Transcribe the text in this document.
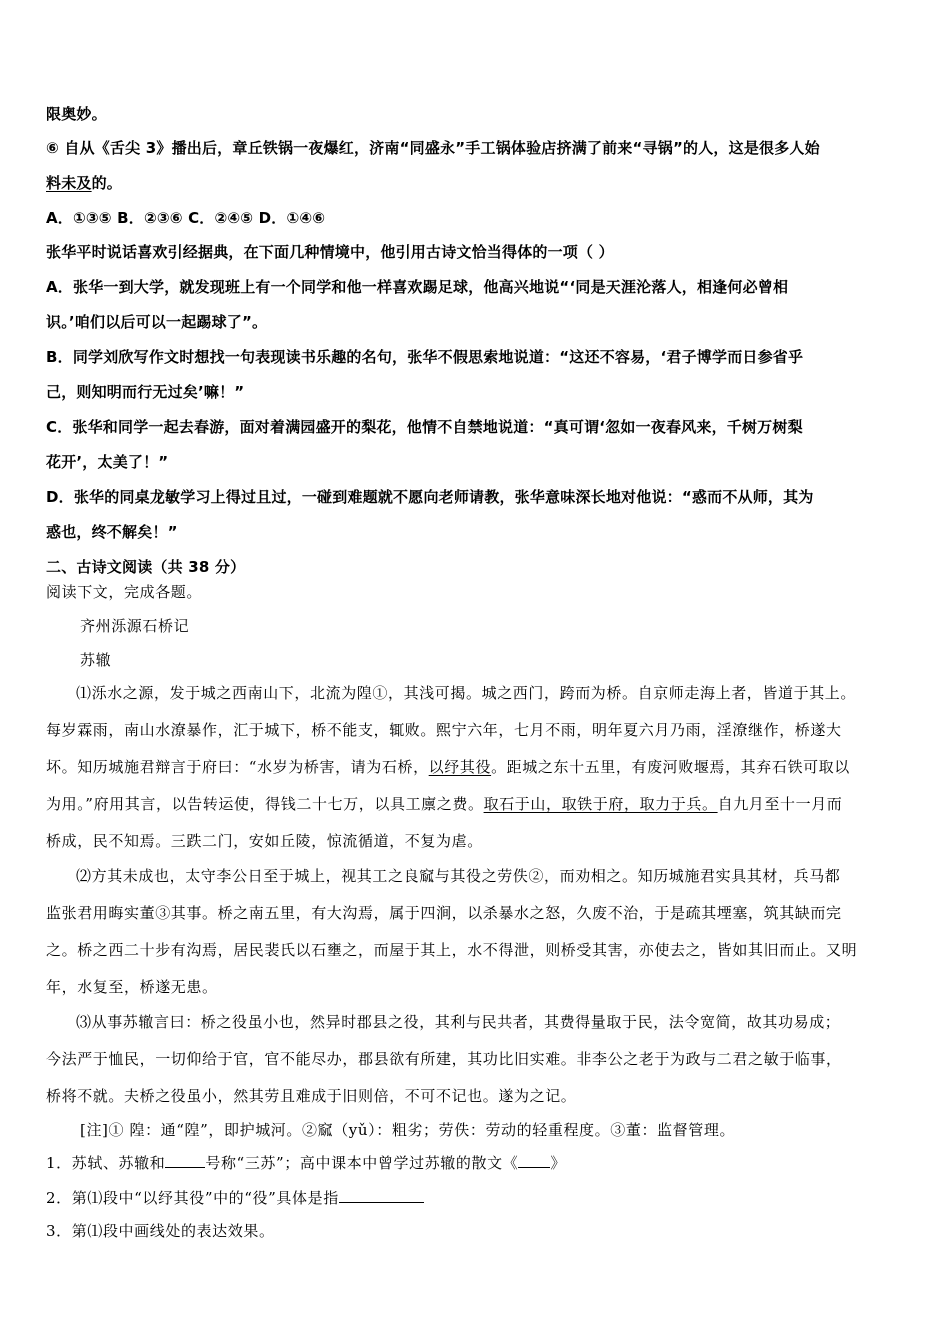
限奥妙。
⑥ 自从《舌尖 3》播出后，章丘铁锅一夜爆红，济南“同盛永”手工锅体验店挤满了前来“寻锅”的人，这是很多人始
料未及的。
A．①③⑤ B．②③⑥ C．②④⑤ D．①④⑥
张华平时说话喜欢引经据典，在下面几种情境中，他引用古诗文恰当得体的一项（ ）
A．张华一到大学，就发现班上有一个同学和他一样喜欢踢足球，他高兴地说“‘同是天涯沦落人，相逢何必曾相
识。’咱们以后可以一起踢球了”。
B．同学刘欣写作文时想找一句表现读书乐趣的名句，张华不假思索地说道：“这还不容易，‘君子博学而日参省乎
己，则知明而行无过矣’嘛！”
C．张华和同学一起去春游，面对着满园盛开的梨花，他情不自禁地说道：“真可谓‘忽如一夜春风来，千树万树梨
花开’，太美了！”
D．张华的同桌龙敏学习上得过且过，一碰到难题就不愿向老师请教，张华意味深长地对他说：“惑而不从师，其为
惑也，终不解矣！”
二、古诗文阅读（共 38 分）
阅读下文，完成各题。
齐州泺源石桥记
苏辙
⑴泺水之源，发于城之西南山下，北流为隍①，其浅可揭。城之西门，跨而为桥。自京师走海上者，皆道于其上。
每岁霖雨，南山水潦暴作，汇于城下，桥不能支，辄败。熙宁六年，七月不雨，明年夏六月乃雨，淫潦继作，桥遂大
坏。知历城施君辩言于府曰：“水岁为桥害，请为石桥，以纾其役。距城之东十五里，有废河败堰焉，其弃石铁可取以
为用。”府用其言，以告转运使，得钱二十七万，以具工廪之费。取石于山，取铁于府，取力于兵。自九月至十一月而
桥成，民不知焉。三跌二门，安如丘陵，惊流循道，不复为虐。
⑵方其未成也，太守李公日至于城上，视其工之良窳与其役之劳佚②，而劝相之。知历城施君实具其材，兵马都
监张君用晦实董③其事。桥之南五里，有大沟焉，属于四涧，以杀暴水之怒，久废不治，于是疏其堙塞，筑其缺而完
之。桥之西二十步有沟焉，居民裴氏以石壅之，而屋于其上，水不得泄，则桥受其害，亦使去之，皆如其旧而止。又明
年，水复至，桥遂无患。
⑶从事苏辙言曰：桥之役虽小也，然异时郡县之役，其利与民共者，其费得量取于民，法令宽简，故其功易成；
今法严于恤民，一切仰给于官，官不能尽办，郡县欲有所建，其功比旧实难。非李公之老于为政与二君之敏于临事，
桥将不就。夫桥之役虽小，然其劳且难成于旧则倍，不可不记也。遂为之记。
[注]① 隍：通“隍”，即护城河。②窳（yǔ）：粗劣；劳佚：劳动的轻重程度。③董：监督管理。
1．苏轼、苏辙和	号称“三苏”；高中课本中曾学过苏辙的散文《 》
2．第⑴段中“以纾其役”中的“役”具体是指
3．第⑴段中画线处的表达效果。
